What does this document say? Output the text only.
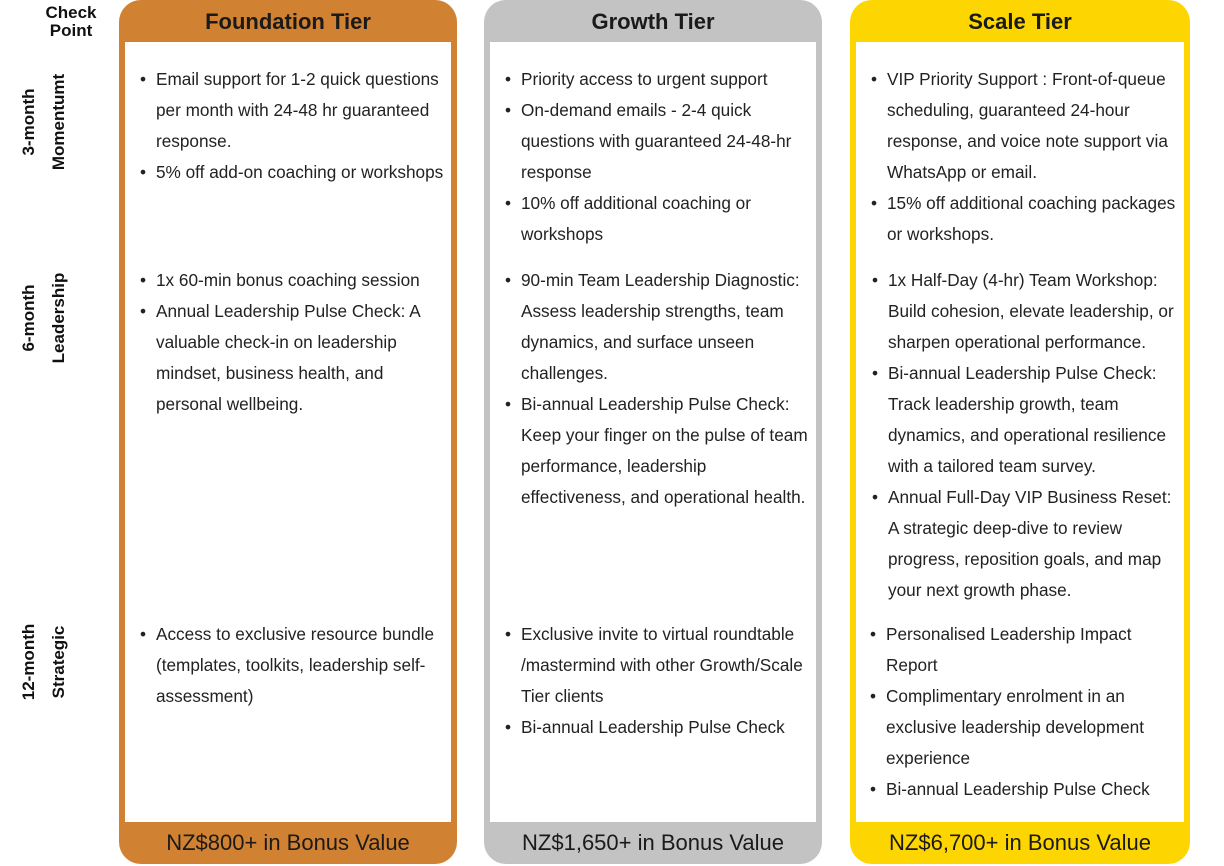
Check
Point
3-month Momentumt
6-month Leadership
12-month Strategic
Foundation Tier
NZ$800+ in Bonus Value
Growth Tier
NZ$1,650+ in Bonus Value
Scale Tier
NZ$6,700+ in Bonus Value
• Email support for 1-2 quick questions per month with 24-48 hr guaranteed response.
• 5% off add-on coaching or workshops
• 1x 60-min bonus coaching session
• Annual Leadership Pulse Check: A valuable check-in on leadership mindset, business health, and personal wellbeing.
• Access to exclusive resource bundle (templates, toolkits, leadership self-assessment)
• Priority access to urgent support
• On-demand emails - 2-4 quick questions with guaranteed 24-48-hr response
• 10% off additional coaching or workshops
• 90-min Team Leadership Diagnostic: Assess leadership strengths, team dynamics, and surface unseen challenges.
• Bi-annual Leadership Pulse Check: Keep your finger on the pulse of team performance, leadership effectiveness, and operational health.
• Exclusive invite to virtual roundtable /mastermind with other Growth/Scale Tier clients
• Bi-annual Leadership Pulse Check
• VIP Priority Support : Front-of-queue scheduling, guaranteed 24-hour response, and voice note support via WhatsApp or email.
• 15% off additional coaching packages or workshops.
• 1x Half-Day (4-hr) Team Workshop: Build cohesion, elevate leadership, or sharpen operational performance.
• Bi-annual Leadership Pulse Check: Track leadership growth, team dynamics, and operational resilience with a tailored team survey.
• Annual Full-Day VIP Business Reset: A strategic deep-dive to review progress, reposition goals, and map your next growth phase.
• Personalised Leadership Impact Report
• Complimentary enrolment in an exclusive leadership development experience
• Bi-annual Leadership Pulse Check
